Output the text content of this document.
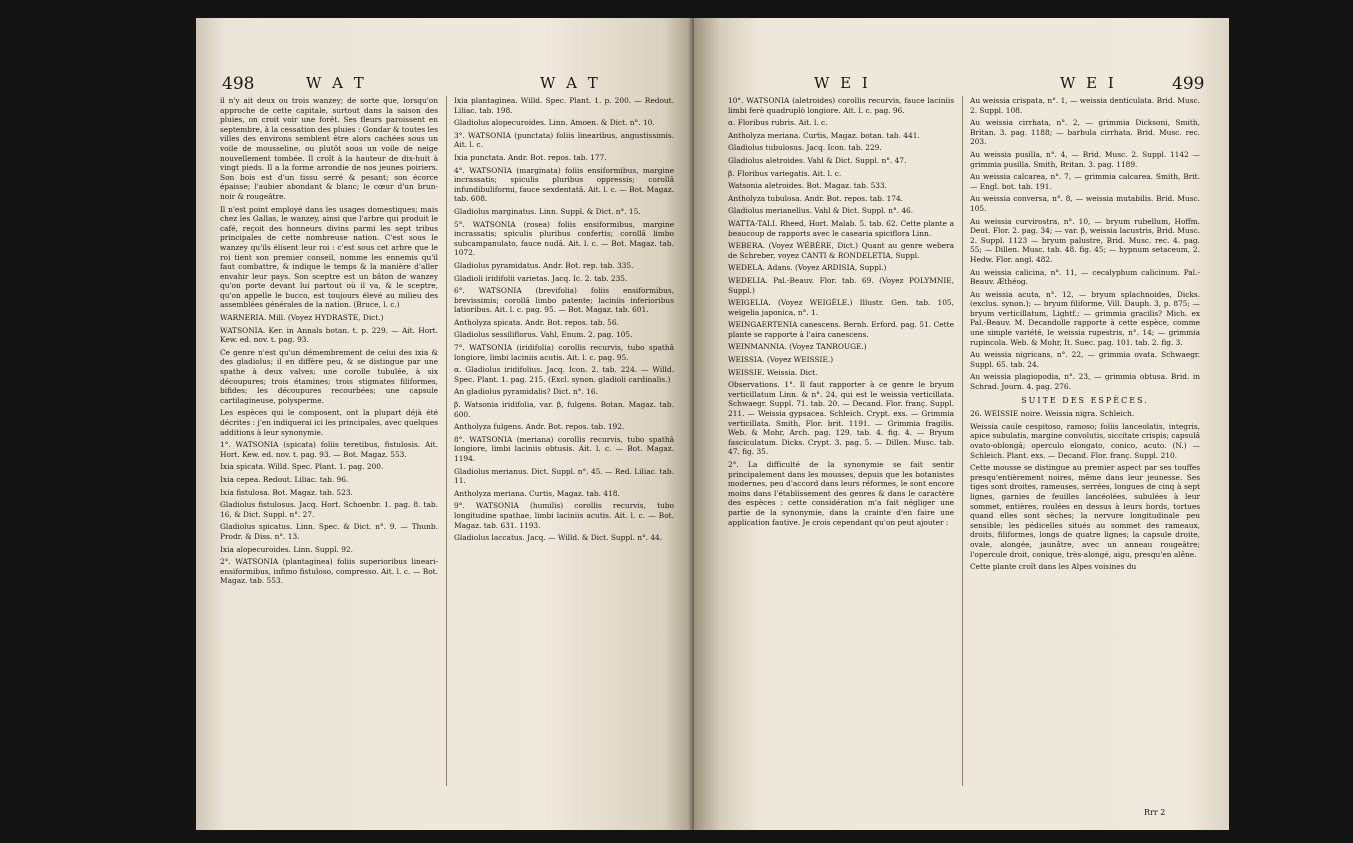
498	W A T	W A T

il n'y ait deux ou trois wanzey; de sorte que, lorsqu'on approche de cette capitale, surtout dans la saison des pluies, on croit voir une forêt. Ses fleurs paroissent en septembre, à la cessation des pluies : Gondar & toutes les villes des environs semblent être alors cachées sous un voile de mousseline, ou plutôt sous un voile de neige nouvellement tombée. Il croît à la hauteur de dix-huit à vingt pieds. Il a la forme arrondie de nos jeunes poiriers. Son bois est d'un tissu serré & pesant; son écorce épaisse; l'aubier abondant & blanc; le cœur d'un brun-noir & rougeâtre.

Il n'est point employé dans les usages domestiques; mais chez les Gallas, le wanzey, ainsi que l'arbre qui produit le café, reçoit des honneurs divins parmi les sept tribus principales de cette nombreuse nation. C'est sous le wanzey qu'ils élisent leur roi : c'est sous cet arbre que le roi tient son premier conseil, nomme les ennemis qu'il faut combattre, & indique le temps & la manière d'aller envahir leur pays. Son sceptre est un bâton de wanzey qu'on porte devant lui partout où il va, & le sceptre, qu'on appelle le bucco, est toujours élevé au milieu des assemblées générales de la nation. (Bruce, l. c.)

WARNERIA. Mill. (Voyez HYDRASTE, Dict.)

WATSONIA. Ker. in Annals botan. t. p. 229. — Ait. Hort. Kew. ed. nov. t. pag. 93.

Ce genre n'est qu'un démembrement de celui des ixia & des gladiolus; il en diffère peu, & se distingue par une spathe à deux valves; une corolle tubulée, à six découpures; trois étamines; trois stigmates filiformes, bifides; les découpures recourbées; une capsule cartilagineuse, polysperme.

Les espèces qui le composent, ont la plupart déjà été décrites : j'en indiquerai ici les principales, avec quelques additions à leur synonymie.

1°. WATSONIA (spicata) foliis teretibus, fistulosis. Ait. Hort. Kew. ed. nov. t. pag. 93. — Bot. Magaz. 553.

Ixia spicata. Willd. Spec. Plant. 1. pag. 200.

Ixia cepea. Redout. Liliac. tab. 96.

Ixia fistulosa. Bot. Magaz. tab. 523.

Gladiolus fistulosus. Jacq. Hort. Schoenbr. 1. pag. 8. tab. 16, & Dict. Suppl. n°. 27.

Gladiolus spicatus. Linn. Spec. & Dict. n°. 9. — Thunb. Prodr. & Diss. n°. 13.

Ixia alopecuroides. Linn. Suppl. 92.

2°. WATSONIA (plantaginea) foliis superioribus lineari-ensiformibus, infimo fistuloso, compresso. Ait. l. c. — Bot. Magaz. tab. 553.

Ixia plantaginea. Willd. Spec. Plant. 1. p. 200. — Redout. Liliac. tab. 198.

Gladiolus alopecuroides. Linn. Amoen. & Dict. n°. 10.

3°. WATSONIA (punctata) foliis linearibus, angustissimis. Ait. l. c.

Ixia punctata. Andr. Bot. repos. tab. 177.

4°. WATSONIA (marginata) foliis ensiformibus, margine incrassatis; spiculis pluribus oppressis; corollâ infundibuliformi, fauce sexdentatâ. Ait. l. c. — Bot. Magaz. tab. 608.

Gladiolus marginatus. Linn. Suppl. & Dict. n°. 15.

5°. WATSONIA (rosea) foliis ensiformibus, margine incrassatis; spiculis pluribus confertis; corollâ limbo subcampanulato, fauce nudâ. Ait. l. c. — Bot. Magaz. tab. 1072.

Gladiolus pyramidatus. Andr. Bot. rep. tab. 335.

Gladioli iridifolii varietas. Jacq. Ic. 2. tab. 235.

6°. WATSONIA (brevifolia) foliis ensiformibus, brevissimis; corollâ limbo patente; laciniis inferioribus latioribus. Ait. l. c. pag. 95. — Bot. Magaz. tab. 601.

Antholyza spicata. Andr. Bot. repos. tab. 56.

Gladiolus sessiliflorus. Vahl, Enum. 2. pag. 105.

7°. WATSONIA (iridifolia) corollis recurvis, tubo spathâ longiore, limbi laciniis acutis. Ait. l. c. pag. 95.

α. Gladiolus iridifolius. Jacq. Icon. 2. tab. 224. — Willd. Spec. Plant. 1. pag. 215. (Excl. synon. gladioli cardinalis.)

An gladiolus pyramidalis? Dict. n°. 16.

β. Watsonia iridifolia, var. β, fulgens. Botan. Magaz. tab. 600.

Antholyza fulgens. Andr. Bot. repos. tab. 192.

8°. WATSONIA (meriana) corollis recurvis, tubo spathâ longiore, limbi laciniis obtusis. Ait. l. c. — Bot. Magaz. 1194.

Gladiolus merianus. Dict. Suppl. n°. 45. — Red. Liliac. tab. 11.

Antholyza meriana. Curtis, Magaz. tab. 418.

9°. WATSONIA (humilis) corollis recurvis, tubo longitudine spathae, limbi laciniis acutis. Ait. l. c. — Bot. Magaz. tab. 631. 1193.

Gladiolus laccatus. Jacq. — Willd. & Dict. Suppl. n°. 44.

W E I	W E I	499

10°. WATSONIA (aletroides) corollis recurvis, fauce laciniis limbi ferè quadruplò longiore. Ait. l. c. pag. 96.

α. Floribus rubris. Ait. l. c.

Antholyza meriana. Curtis, Magaz. botan. tab. 441.

Gladiolus tubulosus. Jacq. Icon. tab. 229.

Gladiolus aletroides. Vahl & Dict. Suppl. n°. 47.

β. Floribus variegatis. Ait. l. c.

Watsonia aletroides. Bot. Magaz. tab. 533.

Antholyza tubulosa. Andr. Bot. repos. tab. 174.

Gladiolus merianellus. Vahl & Dict. Suppl. n°. 46.

WATTA-TALI. Rheed, Hort. Malab. 5. tab. 62. Cette plante a beaucoup de rapports avec le casearia spiciflora Linn.

WEBERA. (Voyez WÉBÈRE, Dict.) Quant au genre webera de Schreber, voyez CANTI & RONDELETIA, Suppl.

WEDELA. Adans. (Voyez ARDISIA, Suppl.)

WEDELIA. Pal.-Beauv. Flor. tab. 69. (Voyez POLYMNIE, Suppl.)

WEIGELIA. (Voyez WEIGÈLE.) Illustr. Gen. tab. 105, weigelia japonica, n°. 1.

WEINGAERTENIA canescens. Bernh. Erford. pag. 51. Cette plante se rapporte à l'aira canescens.

WEINMANNIA. (Voyez TANROUGE.)

WEISSIA. (Voyez WEISSIE.)

WEISSIE. Weissia. Dict.

Observations. 1°. Il faut rapporter à ce genre le bryum verticillatum Linn. & n°. 24, qui est le weissia verticillata. Schwaegr. Suppl. 71. tab. 20. — Decand. Flor. franç. Suppl. 211. — Weissia gypsacea. Schleich. Crypt. exs. — Grimmia verticillata. Smith, Flor. brit. 1191. — Grimmia fragilis. Web. & Mohr, Arch. pag. 129. tab. 4. fig. 4. — Bryum fasciculatum. Dicks. Crypt. 3. pag. 5. — Dillen. Musc. tab. 47. fig. 35.

2°. La difficulté de la synonymie se fait sentir principalement dans les mousses, depuis que les botanistes modernes, peu d'accord dans leurs réformes, le sont encore moins dans l'établissement des genres & dans le caractère des espèces : cette considération m'a fait négliger une partie de la synonymie, dans la crainte d'en faire une application fautive. Je crois cependant qu'on peut ajouter :

Au weissia crispata, n°. 1, — weissia denticulata. Brid. Musc. 2. Suppl. 108.

Au weissia cirrhata, n°. 2, — grimmia Dicksoni, Smith, Britan. 3. pag. 1188; — barbula cirrhata. Brid. Musc. rec. 203.

Au weissia pusilla, n°. 4, — Brid. Musc. 2. Suppl. 1142 — grimmia pusilla. Smith, Britan. 3. pag. 1189.

Au weissia calcarea, n°. 7, — grimmia calcarea. Smith, Brit. — Engl. bot. tab. 191.

Au weissia conversa, n°. 8, — weissia mutabilis. Brid. Musc. 105.

Au weissia curvirostra, n°. 10, — bryum rubellum, Hoffm. Deut. Flor. 2. pag. 34; — var. β, weissia lacustris, Brid. Musc. 2. Suppl. 1123 — bryum palustre, Brid. Musc. rec. 4. pag. 55; — Dillen. Musc. tab. 48. fig. 45; — hypnum setaceum, 2. Hedw. Flor. angl. 482.

Au weissia calicina, n°. 11, — cecalyphum calicinum. Pal.-Beauv. Æthéog.

Au weissia acuta, n°. 12, — bryum splachnoides, Dicks. (exclus. synon.); — bryum filiforme, Vill. Dauph. 3, p. 875; — bryum verticillatum, Lightf.; — grimmia gracilis? Mich. ex Pal.-Beauv. M. Decandolle rapporte à cette espèce, comme une simple variété, le weissia rupestris, n°. 14; — grimmia rupincola. Web. & Mohr, It. Suec. pag. 101. tab. 2. fig. 3.

Au weissia nigricans, n°. 22, — grimmia ovata. Schwaegr. Suppl. 65. tab. 24.

Au weissia plagiopodia, n°. 23, — grimmia obtusa. Brid. in Schrad. Journ. 4. pag. 276.

SUITE DES ESPÈCES.

26. WEISSIE noire. Weissia nigra. Schleich.

Weissia caule cespitoso, ramoso; foliis lanceolatis, integris, apice subulatis, margine convolutis, siccitate crispis; capsulâ ovato-oblongâ; operculo elongato, conico, acuto. (N.) — Schleich. Plant. exs. — Decand. Flor. franç. Suppl. 210.

Cette mousse se distingue au premier aspect par ses touffes presqu'entièrement noires, même dans leur jeunesse. Ses tiges sont droites, rameuses, serrées, longues de cinq à sept lignes, garnies de feuilles lancéolées, subulées à leur sommet, entières, roulées en dessus à leurs bords, tortues quand elles sont sèches; la nervure longitudinale peu sensible; les pédicelles situés au sommet des rameaux, droits, filiformes, longs de quatre lignes; la capsule droite, ovale, alongée, jaunâtre, avec un anneau rougeâtre; l'opercule droit, conique, très-alongé, aigu, presqu'en alêne.

Cette plante croît dans les Alpes voisines du

Rrr 2
